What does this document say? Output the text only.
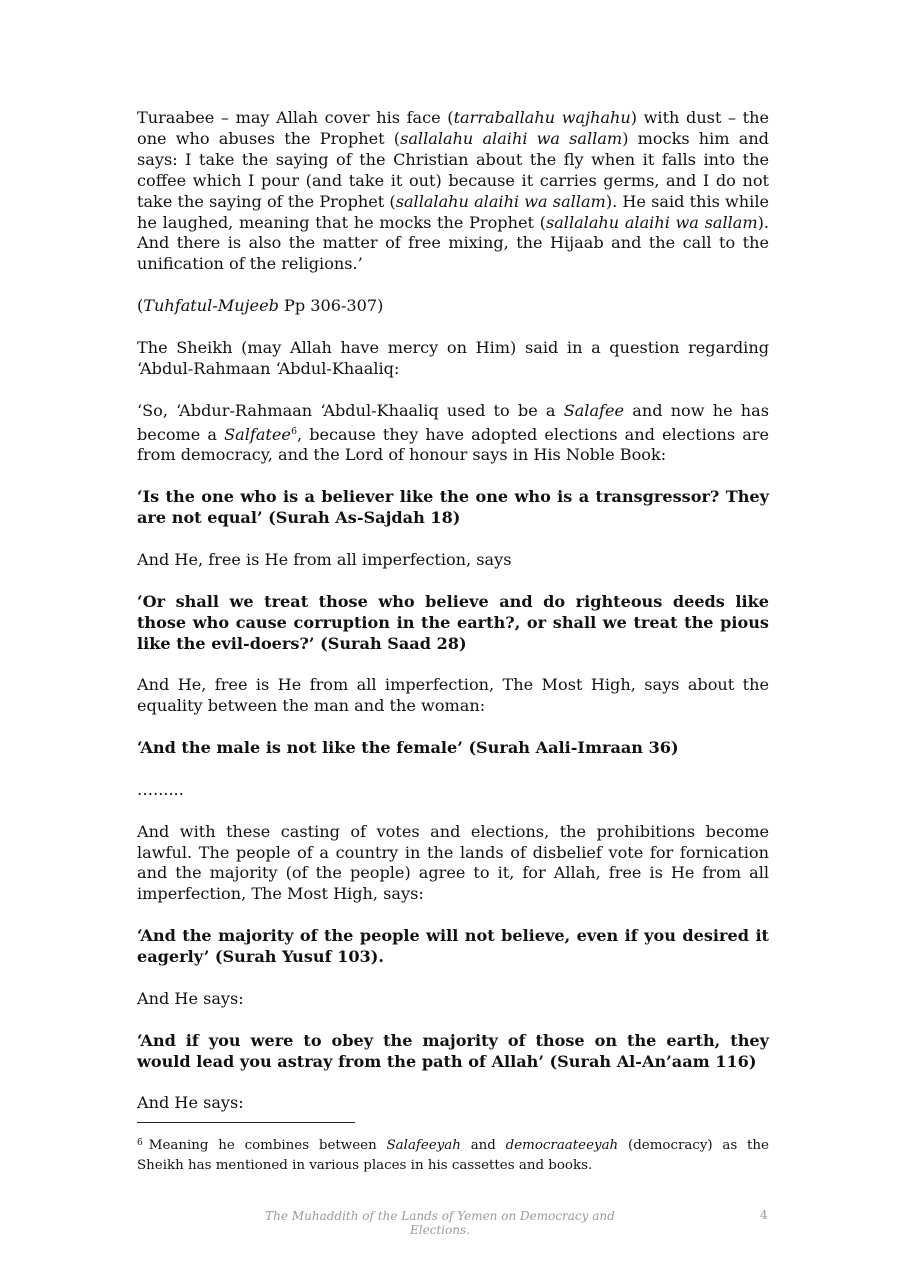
Turaabee – may Allah cover his face (tarraballahu wajhahu) with dust – the one who abuses the Prophet (sallalahu alaihi wa sallam) mocks him and says: I take the saying of the Christian about the fly when it falls into the coffee which I pour (and take it out) because it carries germs, and I do not take the saying of the Prophet (sallalahu alaihi wa sallam). He said this while he laughed, meaning that he mocks the Prophet (sallalahu alaihi wa sallam). And there is also the matter of free mixing, the Hijaab and the call to the unification of the religions.’

(Tuhfatul-Mujeeb Pp 306-307)

The Sheikh (may Allah have mercy on Him) said in a question regarding ‘Abdul-Rahmaan ‘Abdul-Khaaliq:

‘So, ‘Abdur-Rahmaan ‘Abdul-Khaaliq used to be a Salafee and now he has become a Salfatee$^6$, because they have adopted elections and elections are from democracy, and the Lord of honour says in His Noble Book:

‘Is the one who is a believer like the one who is a transgressor? They are not equal’ (Surah As-Sajdah 18)

And He, free is He from all imperfection, says

‘Or shall we treat those who believe and do righteous deeds like those who cause corruption in the earth?, or shall we treat the pious like the evil-doers?’ (Surah Saad 28)

And He, free is He from all imperfection, The Most High, says about the equality between the man and the woman:

‘And the male is not like the female’ (Surah Aali-Imraan 36)

…......

And with these casting of votes and elections, the prohibitions become lawful. The people of a country in the lands of disbelief vote for fornication and the majority (of the people) agree to it, for Allah, free is He from all imperfection, The Most High, says:

‘And the majority of the people will not believe, even if you desired it eagerly’ (Surah Yusuf 103).

And He says:

‘And if you were to obey the majority of those on the earth, they would lead you astray from the path of Allah’ (Surah Al-An’aam 116)

And He says:

$^6$ Meaning he combines between Salafeeyah and democraateeyah (democracy) as the Sheikh has mentioned in various places in his cassettes and books.
The Muhaddith of the Lands of Yemen on Democracy and Elections.
4
